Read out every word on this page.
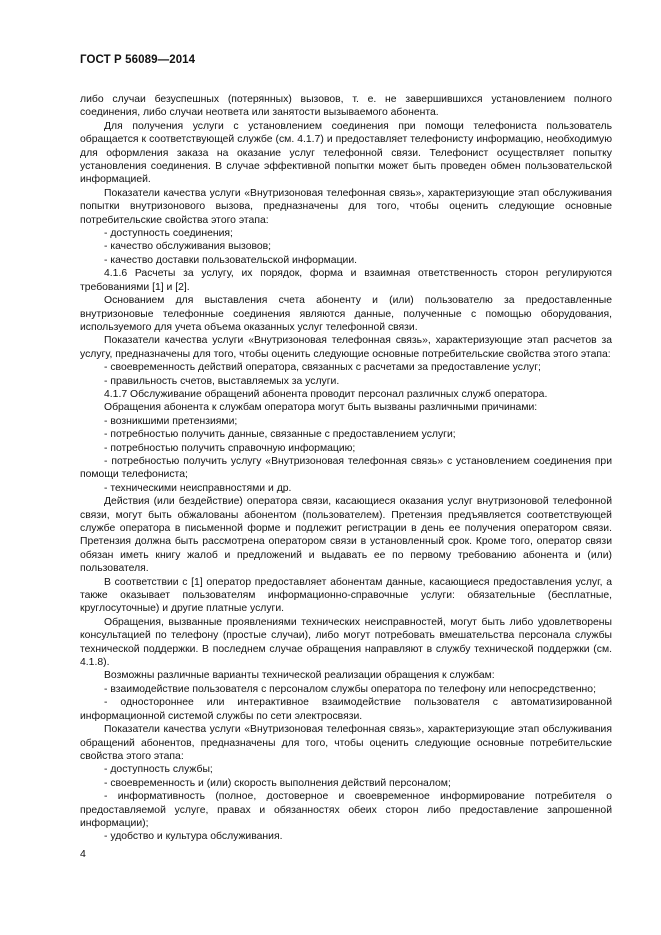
ГОСТ Р 56089—2014

либо случаи безуспешных (потерянных) вызовов, т. е. не завершившихся установлением полного соединения, либо случаи неответа или занятости вызываемого абонента.

Для получения услуги с установлением соединения при помощи телефониста пользователь обращается к соответствующей службе (см. 4.1.7) и предоставляет телефонисту информацию, необходимую для оформления заказа на оказание услуг телефонной связи. Телефонист осуществляет попытку установления соединения. В случае эффективной попытки может быть проведен обмен пользовательской информацией.

Показатели качества услуги «Внутризоновая телефонная связь», характеризующие этап обслуживания попытки внутризонового вызова, предназначены для того, чтобы оценить следующие основные потребительские свойства этого этапа:

- доступность соединения;

- качество обслуживания вызовов;

- качество доставки пользовательской информации.

4.1.6 Расчеты за услугу, их порядок, форма и взаимная ответственность сторон регулируются требованиями [1] и [2].

Основанием для выставления счета абоненту и (или) пользователю за предоставленные внутризоновые телефонные соединения являются данные, полученные с помощью оборудования, используемого для учета объема оказанных услуг телефонной связи.

Показатели качества услуги «Внутризоновая телефонная связь», характеризующие этап расчетов за услугу, предназначены для того, чтобы оценить следующие основные потребительские свойства этого этапа:

- своевременность действий оператора, связанных с расчетами за предоставление услуг;

- правильность счетов, выставляемых за услуги.

4.1.7 Обслуживание обращений абонента проводит персонал различных служб оператора.

Обращения абонента к службам оператора могут быть вызваны различными причинами:

- возникшими претензиями;

- потребностью получить данные, связанные с предоставлением услуги;

- потребностью получить справочную информацию;

- потребностью получить услугу «Внутризоновая телефонная связь» с установлением соединения при помощи телефониста;

- техническими неисправностями и др.

Действия (или бездействие) оператора связи, касающиеся оказания услуг внутризоновой телефонной связи, могут быть обжалованы абонентом (пользователем). Претензия предъявляется соответствующей службе оператора в письменной форме и подлежит регистрации в день ее получения оператором связи. Претензия должна быть рассмотрена оператором связи в установленный срок. Кроме того, оператор связи обязан иметь книгу жалоб и предложений и выдавать ее по первому требованию абонента и (или) пользователя.

В соответствии с [1] оператор предоставляет абонентам данные, касающиеся предоставления услуг, а также оказывает пользователям информационно-справочные услуги: обязательные (бесплатные, круглосуточные) и другие платные услуги.

Обращения, вызванные проявлениями технических неисправностей, могут быть либо удовлетворены консультацией по телефону (простые случаи), либо могут потребовать вмешательства персонала службы технической поддержки. В последнем случае обращения направляют в службу технической поддержки (см. 4.1.8).

Возможны различные варианты технической реализации обращения к службам:

- взаимодействие пользователя с персоналом службы оператора по телефону или непосредственно;

- одностороннее или интерактивное взаимодействие пользователя с автоматизированной информационной системой службы по сети электросвязи.

Показатели качества услуги «Внутризоновая телефонная связь», характеризующие этап обслуживания обращений абонентов, предназначены для того, чтобы оценить следующие основные потребительские свойства этого этапа:

- доступность службы;

- своевременность и (или) скорость выполнения действий персоналом;

- информативность (полное, достоверное и своевременное информирование потребителя о предоставляемой услуге, правах и обязанностях обеих сторон либо предоставление запрошенной информации);

- удобство и культура обслуживания.

4
